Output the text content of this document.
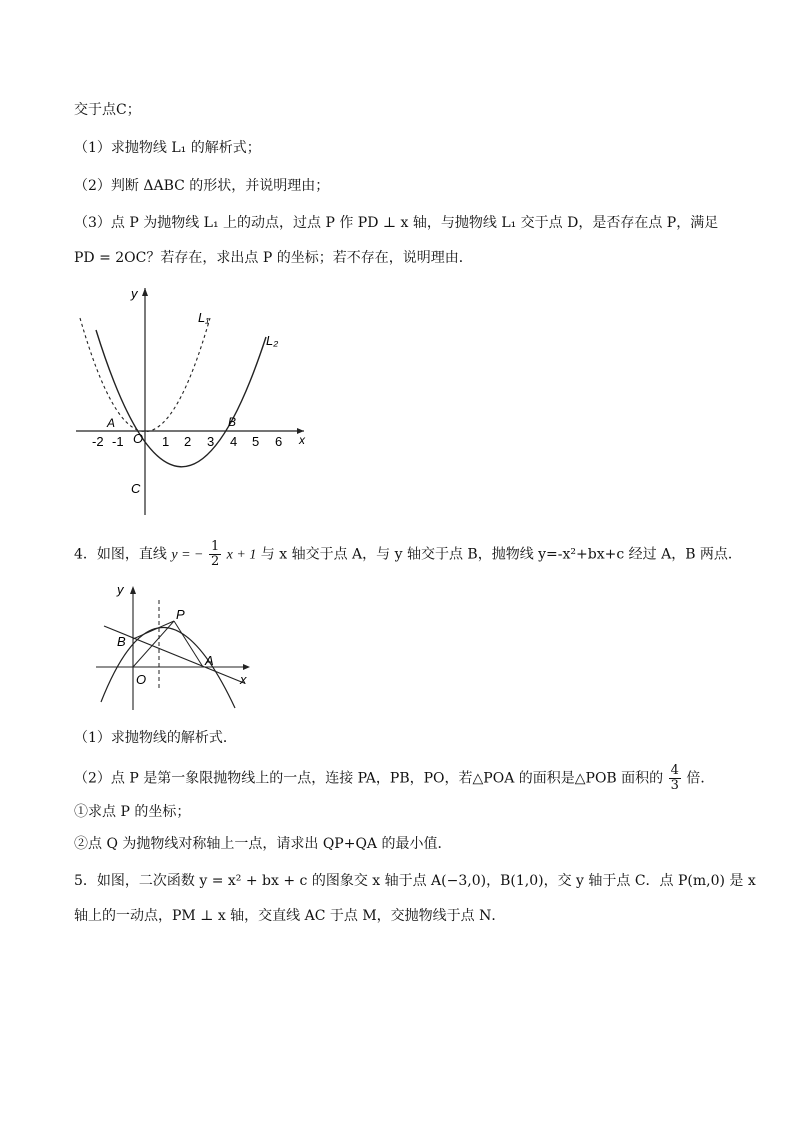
交于点C；
（1）求抛物线 L₁ 的解析式；
（2）判断 ΔABC 的形状，并说明理由；
（3）点 P 为抛物线 L₁ 上的动点，过点 P 作 PD ⊥ x 轴，与抛物线 L₁ 交于点 D，是否存在点 P，满足
PD = 2OC？若存在，求出点 P 的坐标；若不存在，说明理由．
-2 -1	1 2 3 4 5 6
y
x
O
A	B
C
L₁
L₂
4．如图，直线 y = − $\frac{1}{2}$ x + 1 与 x 轴交于点 A，与 y 轴交于点 B，抛物线 y=-x²+bx+c 经过 A，B 两点．
y
x
P
B
A
O
（1）求抛物线的解析式．
（2）点 P 是第一象限抛物线上的一点，连接 PA，PB，PO，若△POA 的面积是△POB 面积的 $\frac{4}{3}$ 倍．
①求点 P 的坐标；
②点 Q 为抛物线对称轴上一点，请求出 QP+QA 的最小值．
5．如图，二次函数 y = x² + bx + c 的图象交 x 轴于点 A(−3,0)，B(1,0)，交 y 轴于点 C．点 P(m,0) 是 x
轴上的一动点，PM ⊥ x 轴，交直线 AC 于点 M，交抛物线于点 N．
